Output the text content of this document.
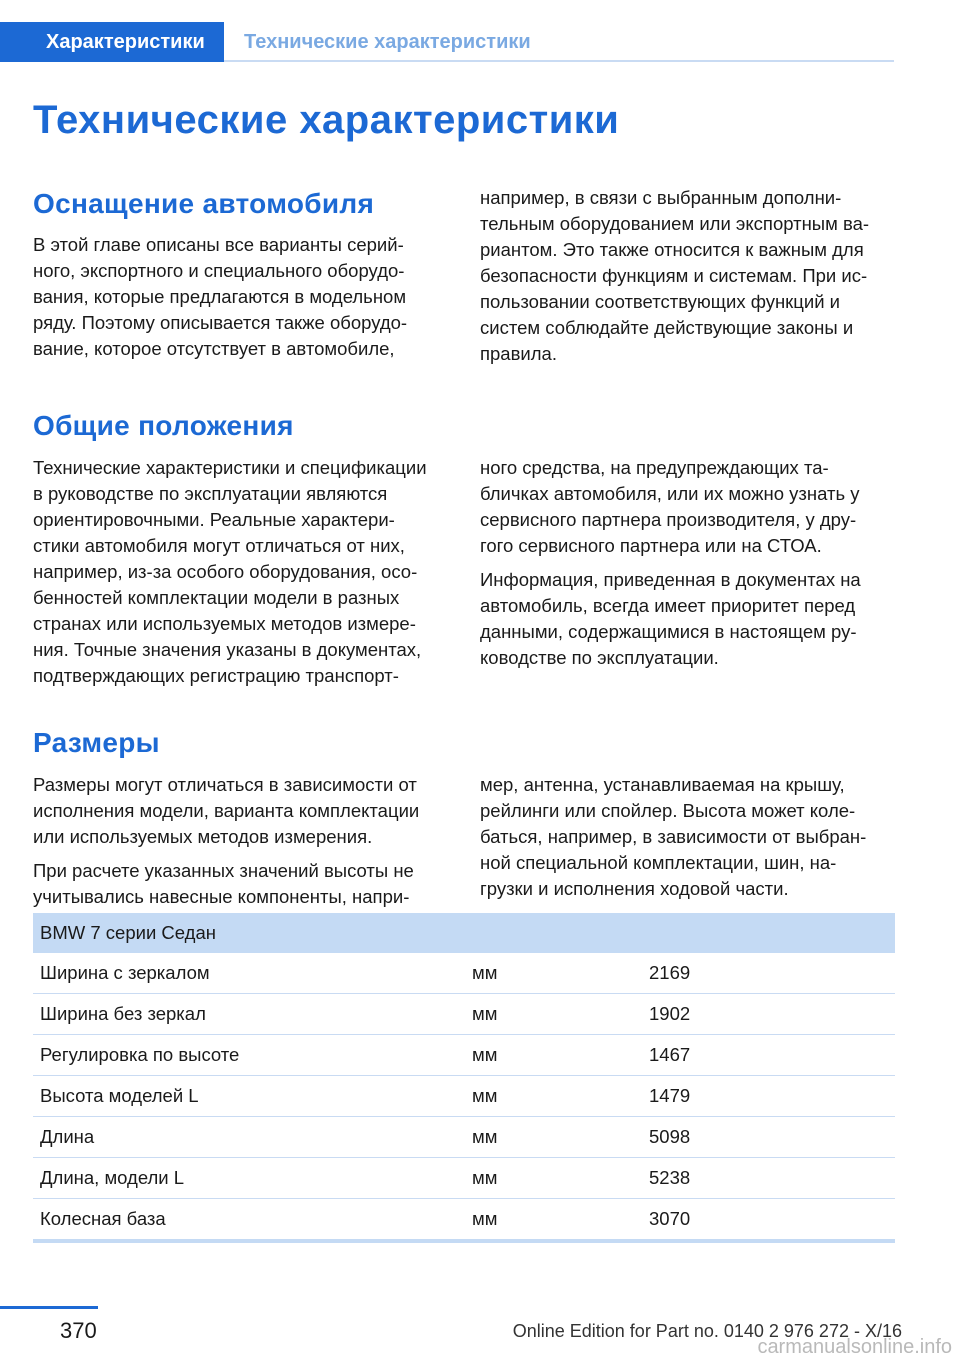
Характеристики	Технические характеристики
Технические характеристики
Оснащение автомобиля

В этой главе описаны все варианты серий-
ного, экспортного и специального оборудо-
вания, которые предлагаются в модельном
ряду. Поэтому описывается также оборудо-
вание, которое отсутствует в автомобиле,

например, в связи с выбранным дополни-
тельным оборудованием или экспортным ва-
риантом. Это также относится к важным для
безопасности функциям и системам. При ис-
пользовании соответствующих функций и
систем соблюдайте действующие законы и
правила.

Общие положения

Технические характеристики и спецификации
в руководстве по эксплуатации являются
ориентировочными. Реальные характери-
стики автомобиля могут отличаться от них,
например, из-за особого оборудования, осо-
бенностей комплектации модели в разных
странах или используемых методов измере-
ния. Точные значения указаны в документах,
подтверждающих регистрацию транспорт-

ного средства, на предупреждающих та-
бличках автомобиля, или их можно узнать у
сервисного партнера производителя, у дру-
гого сервисного партнера или на СТОА.

Информация, приведенная в документах на
автомобиль, всегда имеет приоритет перед
данными, содержащимися в настоящем ру-
ководстве по эксплуатации.

Размеры

Размеры могут отличаться в зависимости от
исполнения модели, варианта комплектации
или используемых методов измерения.

При расчете указанных значений высоты не
учитывались навесные компоненты, напри-

мер, антенна, устанавливаемая на крышу,
рейлинги или спойлер. Высота может коле-
баться, например, в зависимости от выбран-
ной специальной комплектации, шин, на-
грузки и исполнения ходовой части.

BMW 7 серии Седан		
Ширина с зеркалом	мм	2169
Ширина без зеркал	мм	1902
Регулировка по высоте	мм	1467
Высота моделей L	мм	1479
Длина	мм	5098
Длина, модели L	мм	5238
Колесная база	мм	3070
370	Online Edition for Part no. 0140 2 976 272 - X/16
carmanualsonline.info
